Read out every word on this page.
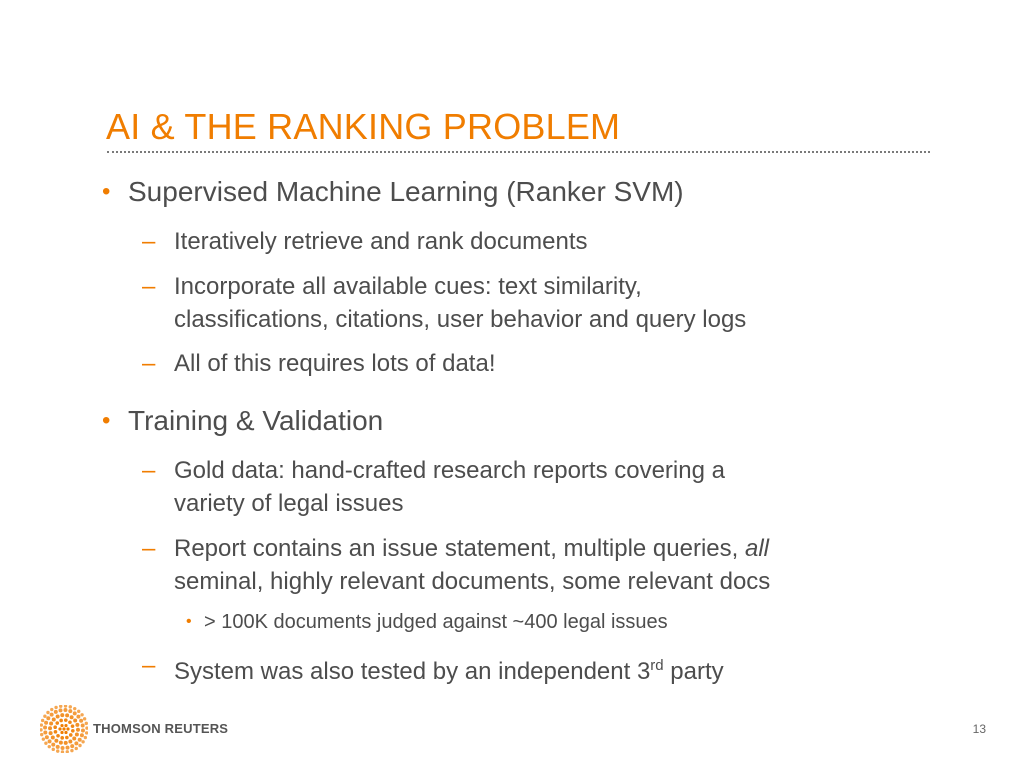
AI & THE RANKING PROBLEM
• Supervised Machine Learning (Ranker SVM)
– Iteratively retrieve and rank documents
– Incorporate all available cues: text similarity,
classifications, citations, user behavior and query logs
– All of this requires lots of data!
• Training & Validation
– Gold data: hand-crafted research reports covering a
variety of legal issues
– Report contains an issue statement, multiple queries, all
seminal, highly relevant documents, some relevant docs
• > 100K documents judged against ~400 legal issues
– System was also tested by an independent 3rd party
THOMSON REUTERS	13
